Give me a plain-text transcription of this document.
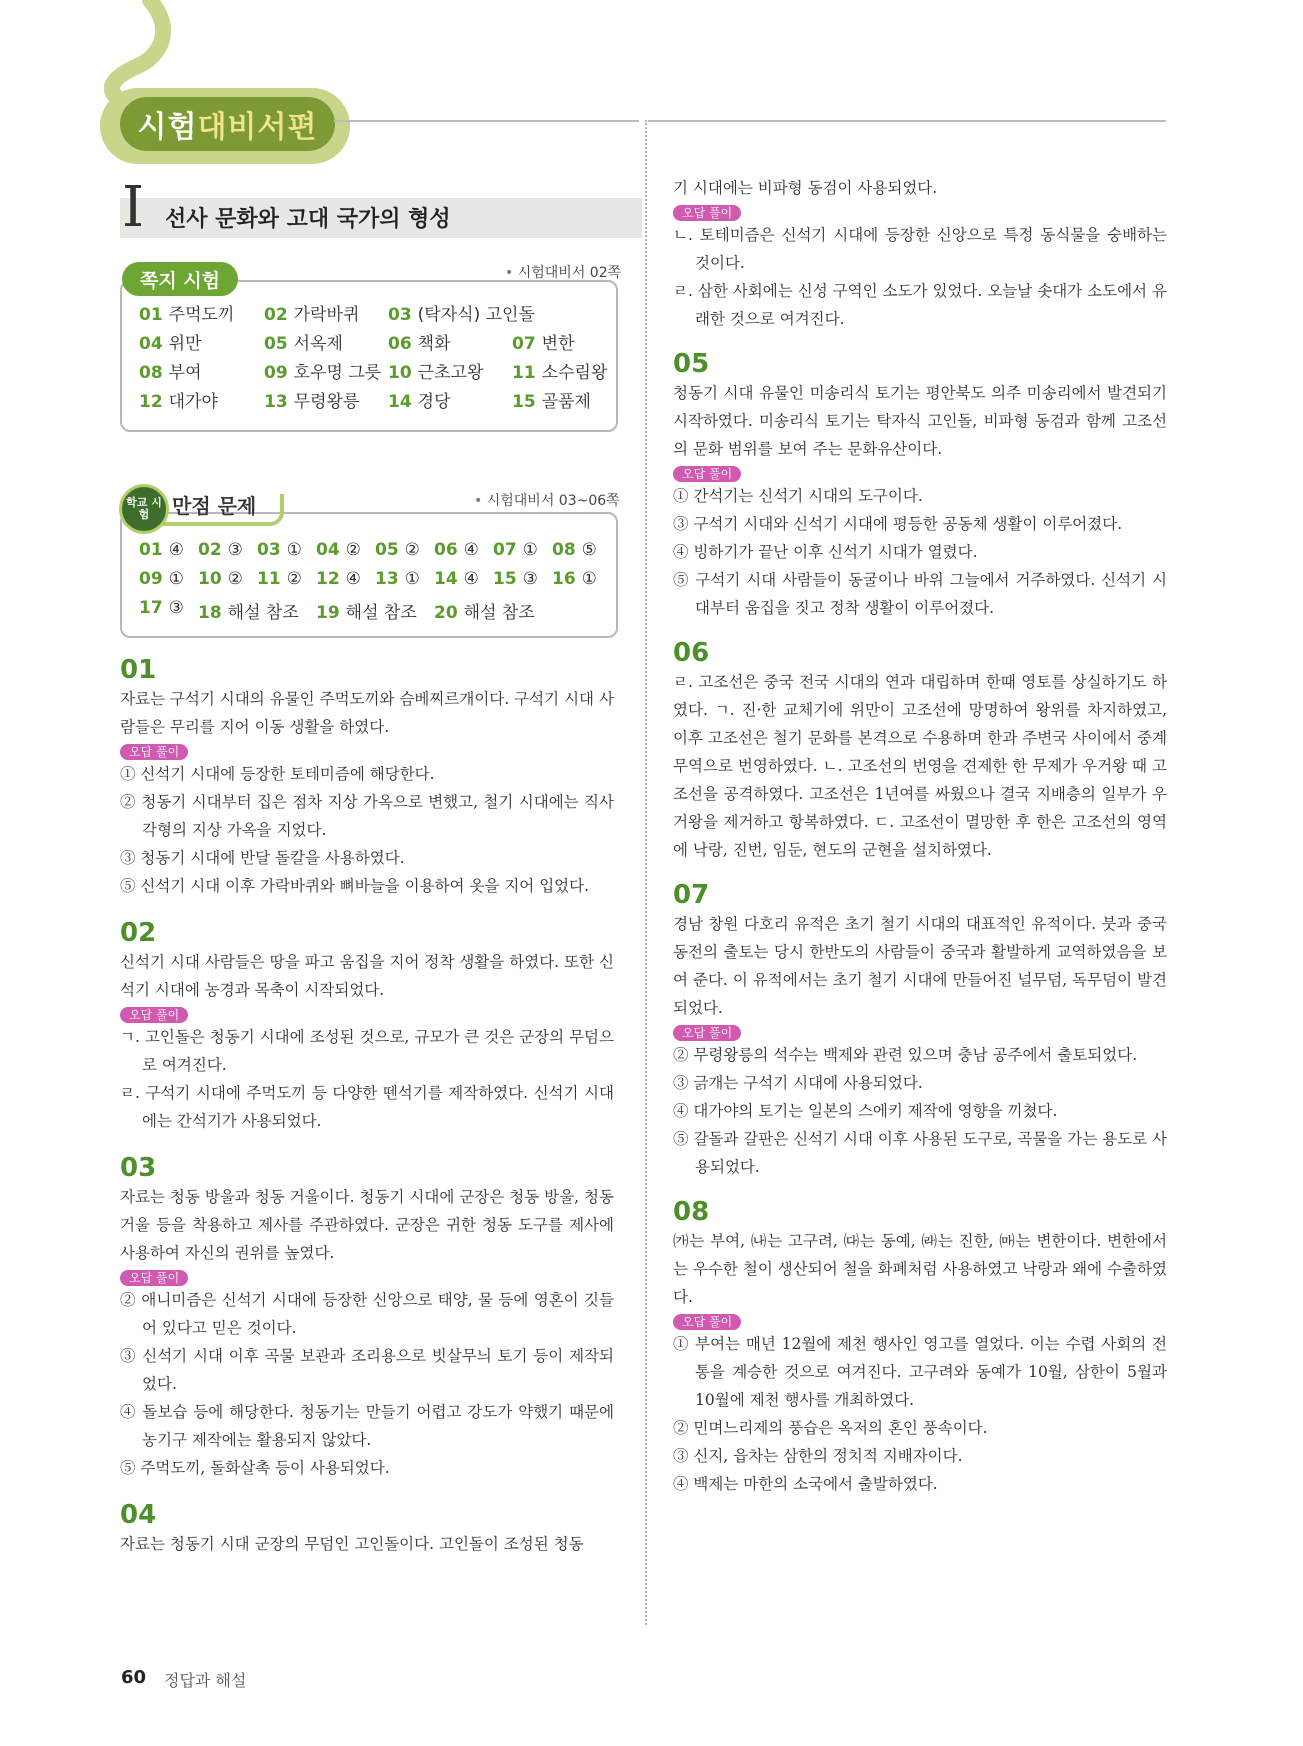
시험 대비서편
I 선사 문화와 고대 국가의 형성
쪽지 시험	• 시험대비서 02쪽
01 주먹도끼 02 가락바퀴 03 (탁자식) 고인돌
04 위만	05 서옥제	06 책화	07 변한
08 부여	09 호우명 그릇 10 근초고왕 11 소수림왕
12 대가야	13 무령왕릉 14 경당	15 골품제
학교 시험	만점 문제	• 시험대비서 03~06쪽
01 ④ 02 ③ 03 ① 04 ② 05 ② 06 ④ 07 ① 08 ⑤
09 ① 10 ② 11 ② 12 ④ 13 ① 14 ④ 15 ③ 16 ①
17 ③ 18 해설 참조 19 해설 참조 20 해설 참조
01
자료는 구석기 시대의 유물인 주먹도끼와 슴베찌르개이다. 구석기 시대 사람들은 무리를 지어 이동 생활을 하였다.
오답 풀이
① 신석기 시대에 등장한 토테미즘에 해당한다.
② 청동기 시대부터 집은 점차 지상 가옥으로 변했고, 철기 시대에는 직사각형의 지상 가옥을 지었다.
③ 청동기 시대에 반달 돌칼을 사용하였다.
⑤ 신석기 시대 이후 가락바퀴와 뼈바늘을 이용하여 옷을 지어 입었다.
02
신석기 시대 사람들은 땅을 파고 움집을 지어 정착 생활을 하였다. 또한 신석기 시대에 농경과 목축이 시작되었다.
오답 풀이
ㄱ. 고인돌은 청동기 시대에 조성된 것으로, 규모가 큰 것은 군장의 무덤으로 여겨진다.
ㄹ. 구석기 시대에 주먹도끼 등 다양한 뗀석기를 제작하였다. 신석기 시대에는 간석기가 사용되었다.
03
자료는 청동 방울과 청동 거울이다. 청동기 시대에 군장은 청동 방울, 청동 거울 등을 착용하고 제사를 주관하였다. 군장은 귀한 청동 도구를 제사에 사용하여 자신의 권위를 높였다.
오답 풀이
② 애니미즘은 신석기 시대에 등장한 신앙으로 태양, 물 등에 영혼이 깃들어 있다고 믿은 것이다.
③ 신석기 시대 이후 곡물 보관과 조리용으로 빗살무늬 토기 등이 제작되었다.
④ 돌보습 등에 해당한다. 청동기는 만들기 어렵고 강도가 약했기 때문에 농기구 제작에는 활용되지 않았다.
⑤ 주먹도끼, 돌화살촉 등이 사용되었다.
04
자료는 청동기 시대 군장의 무덤인 고인돌이다. 고인돌이 조성된 청동
기 시대에는 비파형 동검이 사용되었다.
오답 풀이
ㄴ. 토테미즘은 신석기 시대에 등장한 신앙으로 특정 동식물을 숭배하는 것이다.
ㄹ. 삼한 사회에는 신성 구역인 소도가 있었다. 오늘날 솟대가 소도에서 유래한 것으로 여겨진다.
05
청동기 시대 유물인 미송리식 토기는 평안북도 의주 미송리에서 발견되기 시작하였다. 미송리식 토기는 탁자식 고인돌, 비파형 동검과 함께 고조선의 문화 범위를 보여 주는 문화유산이다.
오답 풀이
① 간석기는 신석기 시대의 도구이다.
③ 구석기 시대와 신석기 시대에 평등한 공동체 생활이 이루어졌다.
④ 빙하기가 끝난 이후 신석기 시대가 열렸다.
⑤ 구석기 시대 사람들이 동굴이나 바위 그늘에서 거주하였다. 신석기 시대부터 움집을 짓고 정착 생활이 이루어졌다.
06
ㄹ. 고조선은 중국 전국 시대의 연과 대립하며 한때 영토를 상실하기도 하였다. ㄱ. 진·한 교체기에 위만이 고조선에 망명하여 왕위를 차지하였고, 이후 고조선은 철기 문화를 본격으로 수용하며 한과 주변국 사이에서 중계 무역으로 번영하였다. ㄴ. 고조선의 번영을 견제한 한 무제가 우거왕 때 고조선을 공격하였다. 고조선은 1년여를 싸웠으나 결국 지배층의 일부가 우거왕을 제거하고 항복하였다. ㄷ. 고조선이 멸망한 후 한은 고조선의 영역에 낙랑, 진번, 임둔, 현도의 군현을 설치하였다.
07
경남 창원 다호리 유적은 초기 철기 시대의 대표적인 유적이다. 붓과 중국 동전의 출토는 당시 한반도의 사람들이 중국과 활발하게 교역하였음을 보여 준다. 이 유적에서는 초기 철기 시대에 만들어진 널무덤, 독무덤이 발견되었다.
오답 풀이
② 무령왕릉의 석수는 백제와 관련 있으며 충남 공주에서 출토되었다.
③ 긁개는 구석기 시대에 사용되었다.
④ 대가야의 토기는 일본의 스에키 제작에 영향을 끼쳤다.
⑤ 갈돌과 갈판은 신석기 시대 이후 사용된 도구로, 곡물을 가는 용도로 사용되었다.
08
㈎는 부여, ㈏는 고구려, ㈐는 동예, ㈑는 진한, ㈒는 변한이다. 변한에서는 우수한 철이 생산되어 철을 화폐처럼 사용하였고 낙랑과 왜에 수출하였다.
오답 풀이
① 부여는 매년 12월에 제천 행사인 영고를 열었다. 이는 수렵 사회의 전통을 계승한 것으로 여겨진다. 고구려와 동예가 10월, 삼한이 5월과 10월에 제천 행사를 개최하였다.
② 민며느리제의 풍습은 옥저의 혼인 풍속이다.
③ 신지, 읍차는 삼한의 정치적 지배자이다.
④ 백제는 마한의 소국에서 출발하였다.
60 정답과 해설
